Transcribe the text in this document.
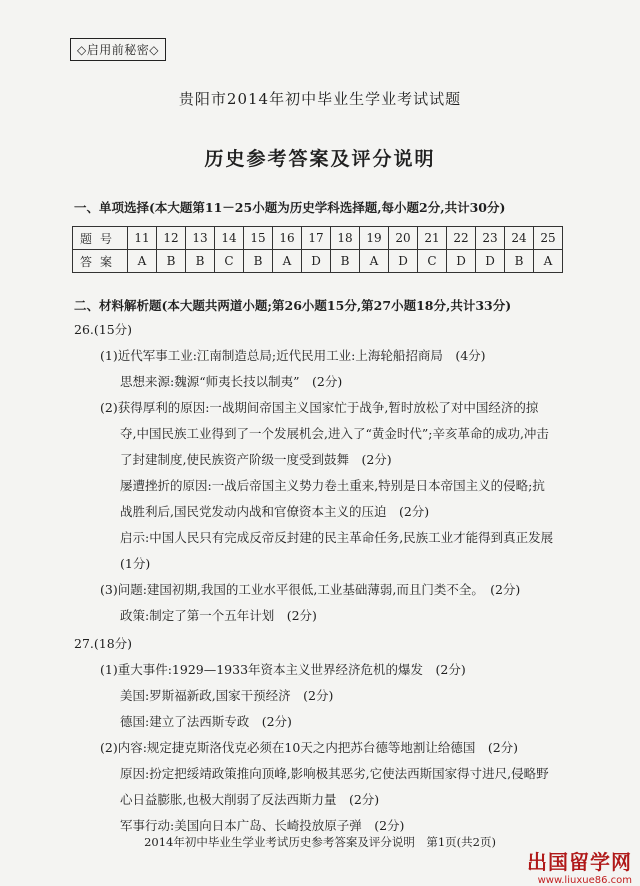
◇启用前秘密◇
贵阳市2014年初中毕业生学业考试试题
历史参考答案及评分说明
一、单项选择(本大题第11－25小题为历史学科选择题,每小题2分,共计30分)
题号	11	12	13	14	15	16	17	18	19	20	21	22	23	24	25
答案	A	B	B	C	B	A	D	B	A	D	C	D	D	B	A
二、材料解析题(本大题共两道小题;第26小题15分,第27小题18分,共计33分)
26.(15分)
(1)近代军事工业:江南制造总局;近代民用工业:上海轮船招商局　(4分)
思想来源:魏源“师夷长技以制夷”　(2分)
(2)获得厚利的原因:一战期间帝国主义国家忙于战争,暂时放松了对中国经济的掠
夺,中国民族工业得到了一个发展机会,进入了“黄金时代”;辛亥革命的成功,冲击
了封建制度,使民族资产阶级一度受到鼓舞　(2分)
屡遭挫折的原因:一战后帝国主义势力卷土重来,特别是日本帝国主义的侵略;抗
战胜利后,国民党发动内战和官僚资本主义的压迫　(2分)
启示:中国人民只有完成反帝反封建的民主革命任务,民族工业才能得到真正发展
(1分)
(3)问题:建国初期,我国的工业水平很低,工业基础薄弱,而且门类不全。　(2分)
政策:制定了第一个五年计划　(2分)
27.(18分)
(1)重大事件:1929—1933年资本主义世界经济危机的爆发　(2分)
美国:罗斯福新政,国家干预经济　(2分)
德国:建立了法西斯专政　(2分)
(2)内容:规定捷克斯洛伐克必须在10天之内把苏台德等地割让给德国　(2分)
原因:扮定把绥靖政策推向顶峰,影响极其恶劣,它使法西斯国家得寸进尺,侵略野
心日益膨胀,也极大削弱了反法西斯力量　(2分)
军事行动:美国向日本广岛、长崎投放原子弹　(2分)
2014年初中毕业生学业考试历史参考答案及评分说明　第1页(共2页)
出国留学网
www.liuxue86.com
